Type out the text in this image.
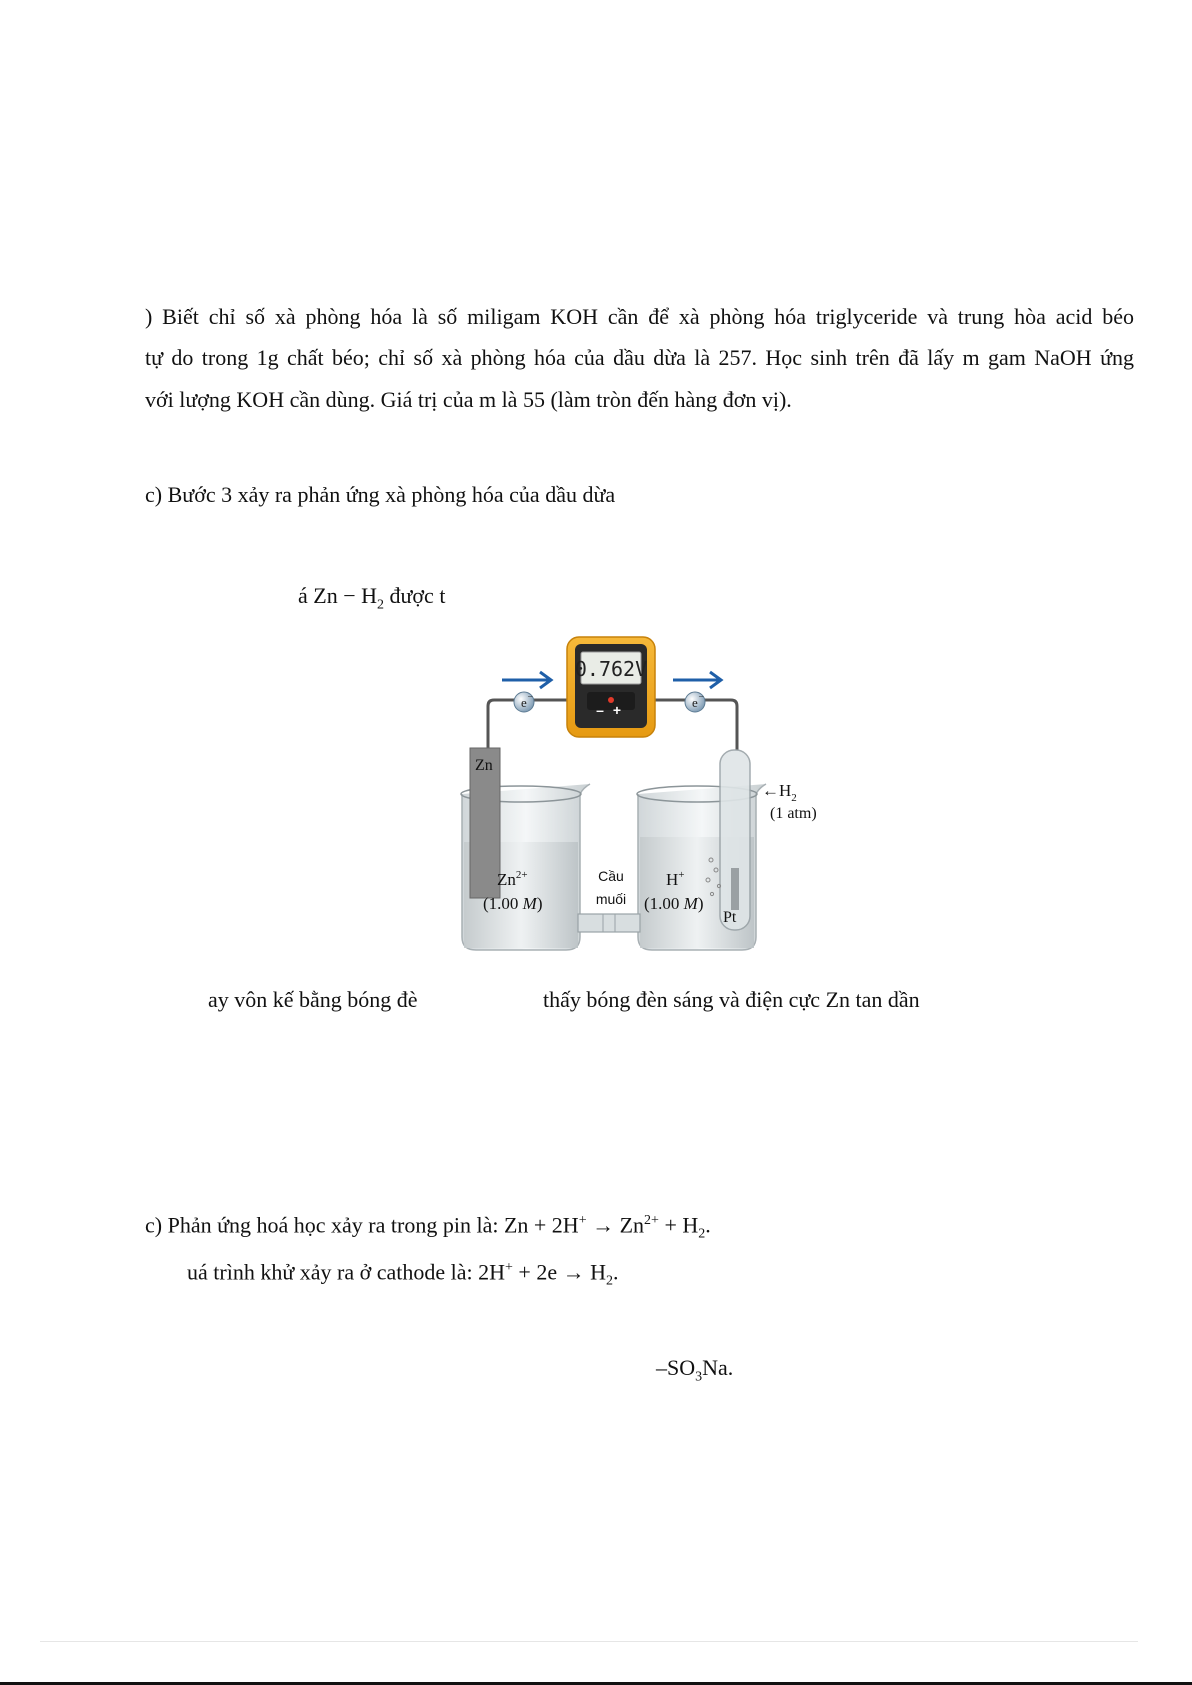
) Biết chỉ số xà phòng hóa là số miligam KOH cần để xà phòng hóa triglyceride và trung hòa acid béo
tự do trong 1g chất béo; chỉ số xà phòng hóa của dầu dừa là 257. Học sinh trên đã lấy m gam NaOH ứng
với lượng KOH cần dùng. Giá trị của m là 55 (làm tròn đến hàng đơn vị).
c) Bước 3 xảy ra phản ứng xà phòng hóa của dầu dừa
á $Zn - H_2$ được t
e –	e –
0.762V
– +
Zn
Pt
$\leftarrow H_2$
(1 atm)
$Zn^{2+}$
(1.00 M)
H+
(1.00 M)
Cầu
muối
ay vôn kế bằng bóng đè	thấy bóng đèn sáng và điện cực Zn tan dần
c) Phản ứng hoá học xảy ra trong pin là: $Zn + 2H^+ \to Zn^{2+} + H_2$.
uá trình khử xảy ra ở cathode là: $2H^+ + 2e \to H_2$.
$-SO_3Na$.
